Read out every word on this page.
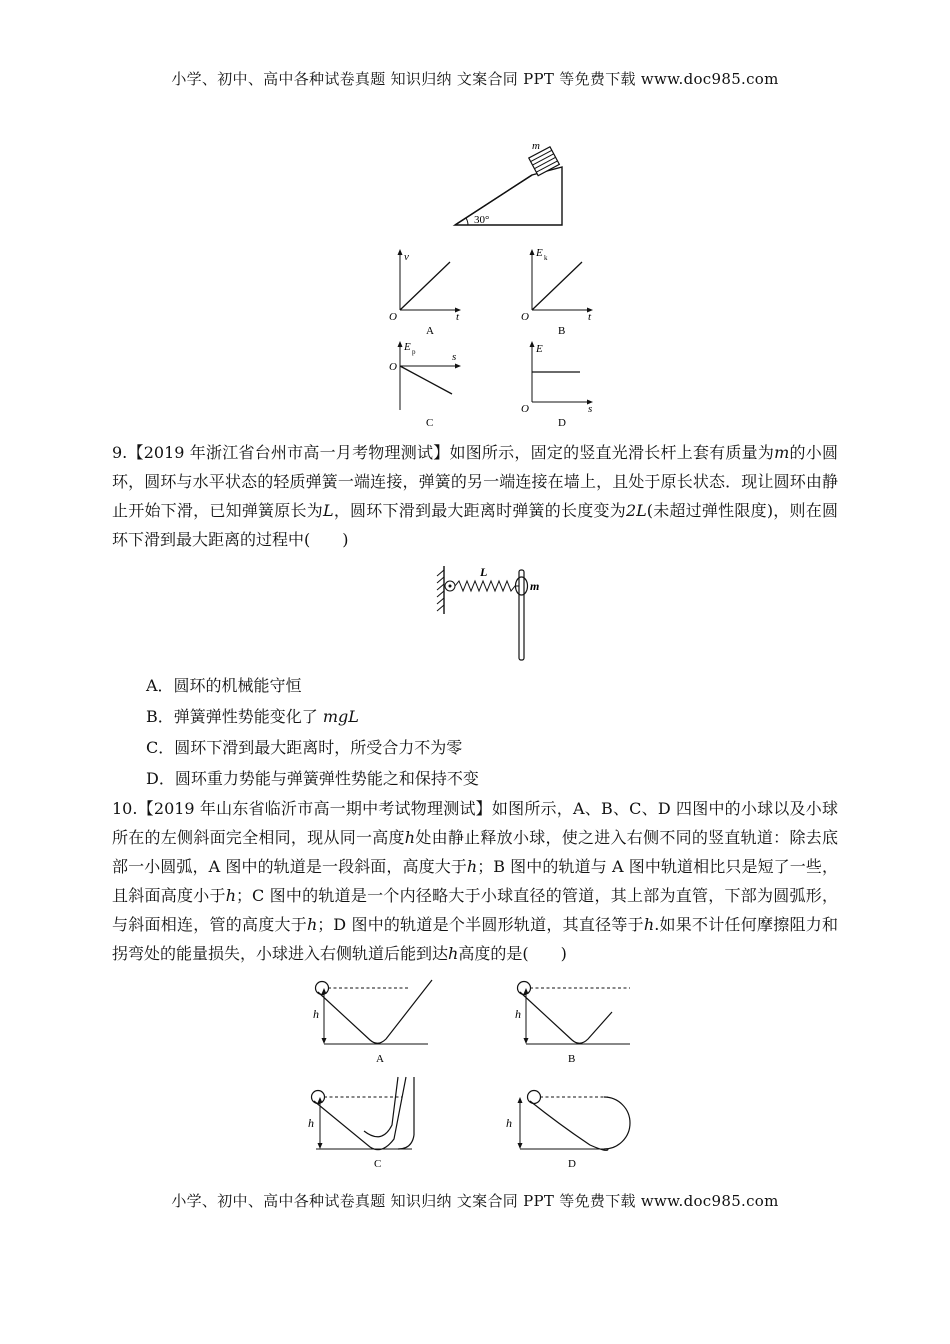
小学、初中、高中各种试卷真题 知识归纳 文案合同 PPT 等免费下载 www.doc985.com
m
30°
v
t
O
A
E k
t
O
B
E p	s
O
C
E
s
O
D
9.【2019 年浙江省台州市高一月考物理测试】如图所示，固定的竖直光滑长杆上套有质量为m的小圆环，圆环与水平状态的轻质弹簧一端连接，弹簧的另一端连接在墙上，且处于原长状态．现让圆环由静止开始下滑，已知弹簧原长为L，圆环下滑到最大距离时弹簧的长度变为2L(未超过弹性限度)，则在圆环下滑到最大距离的过程中(　　)
L
m
A．圆环的机械能守恒
B．弹簧弹性势能变化了 mgL
C．圆环下滑到最大距离时，所受合力不为零
D．圆环重力势能与弹簧弹性势能之和保持不变
10.【2019 年山东省临沂市高一期中考试物理测试】如图所示，A、B、C、D 四图中的小球以及小球所在的左侧斜面完全相同，现从同一高度h处由静止释放小球，使之进入右侧不同的竖直轨道：除去底部一小圆弧，A 图中的轨道是一段斜面，高度大于h；B 图中的轨道与 A 图中轨道相比只是短了一些，且斜面高度小于h；C 图中的轨道是一个内径略大于小球直径的管道，其上部为直管，下部为圆弧形，与斜面相连，管的高度大于h；D 图中的轨道是个半圆形轨道，其直径等于h.如果不计任何摩擦阻力和拐弯处的能量损失，小球进入右侧轨道后能到达h高度的是(　　)
h
A
h
B
h
C
h
D
小学、初中、高中各种试卷真题 知识归纳 文案合同 PPT 等免费下载 www.doc985.com
